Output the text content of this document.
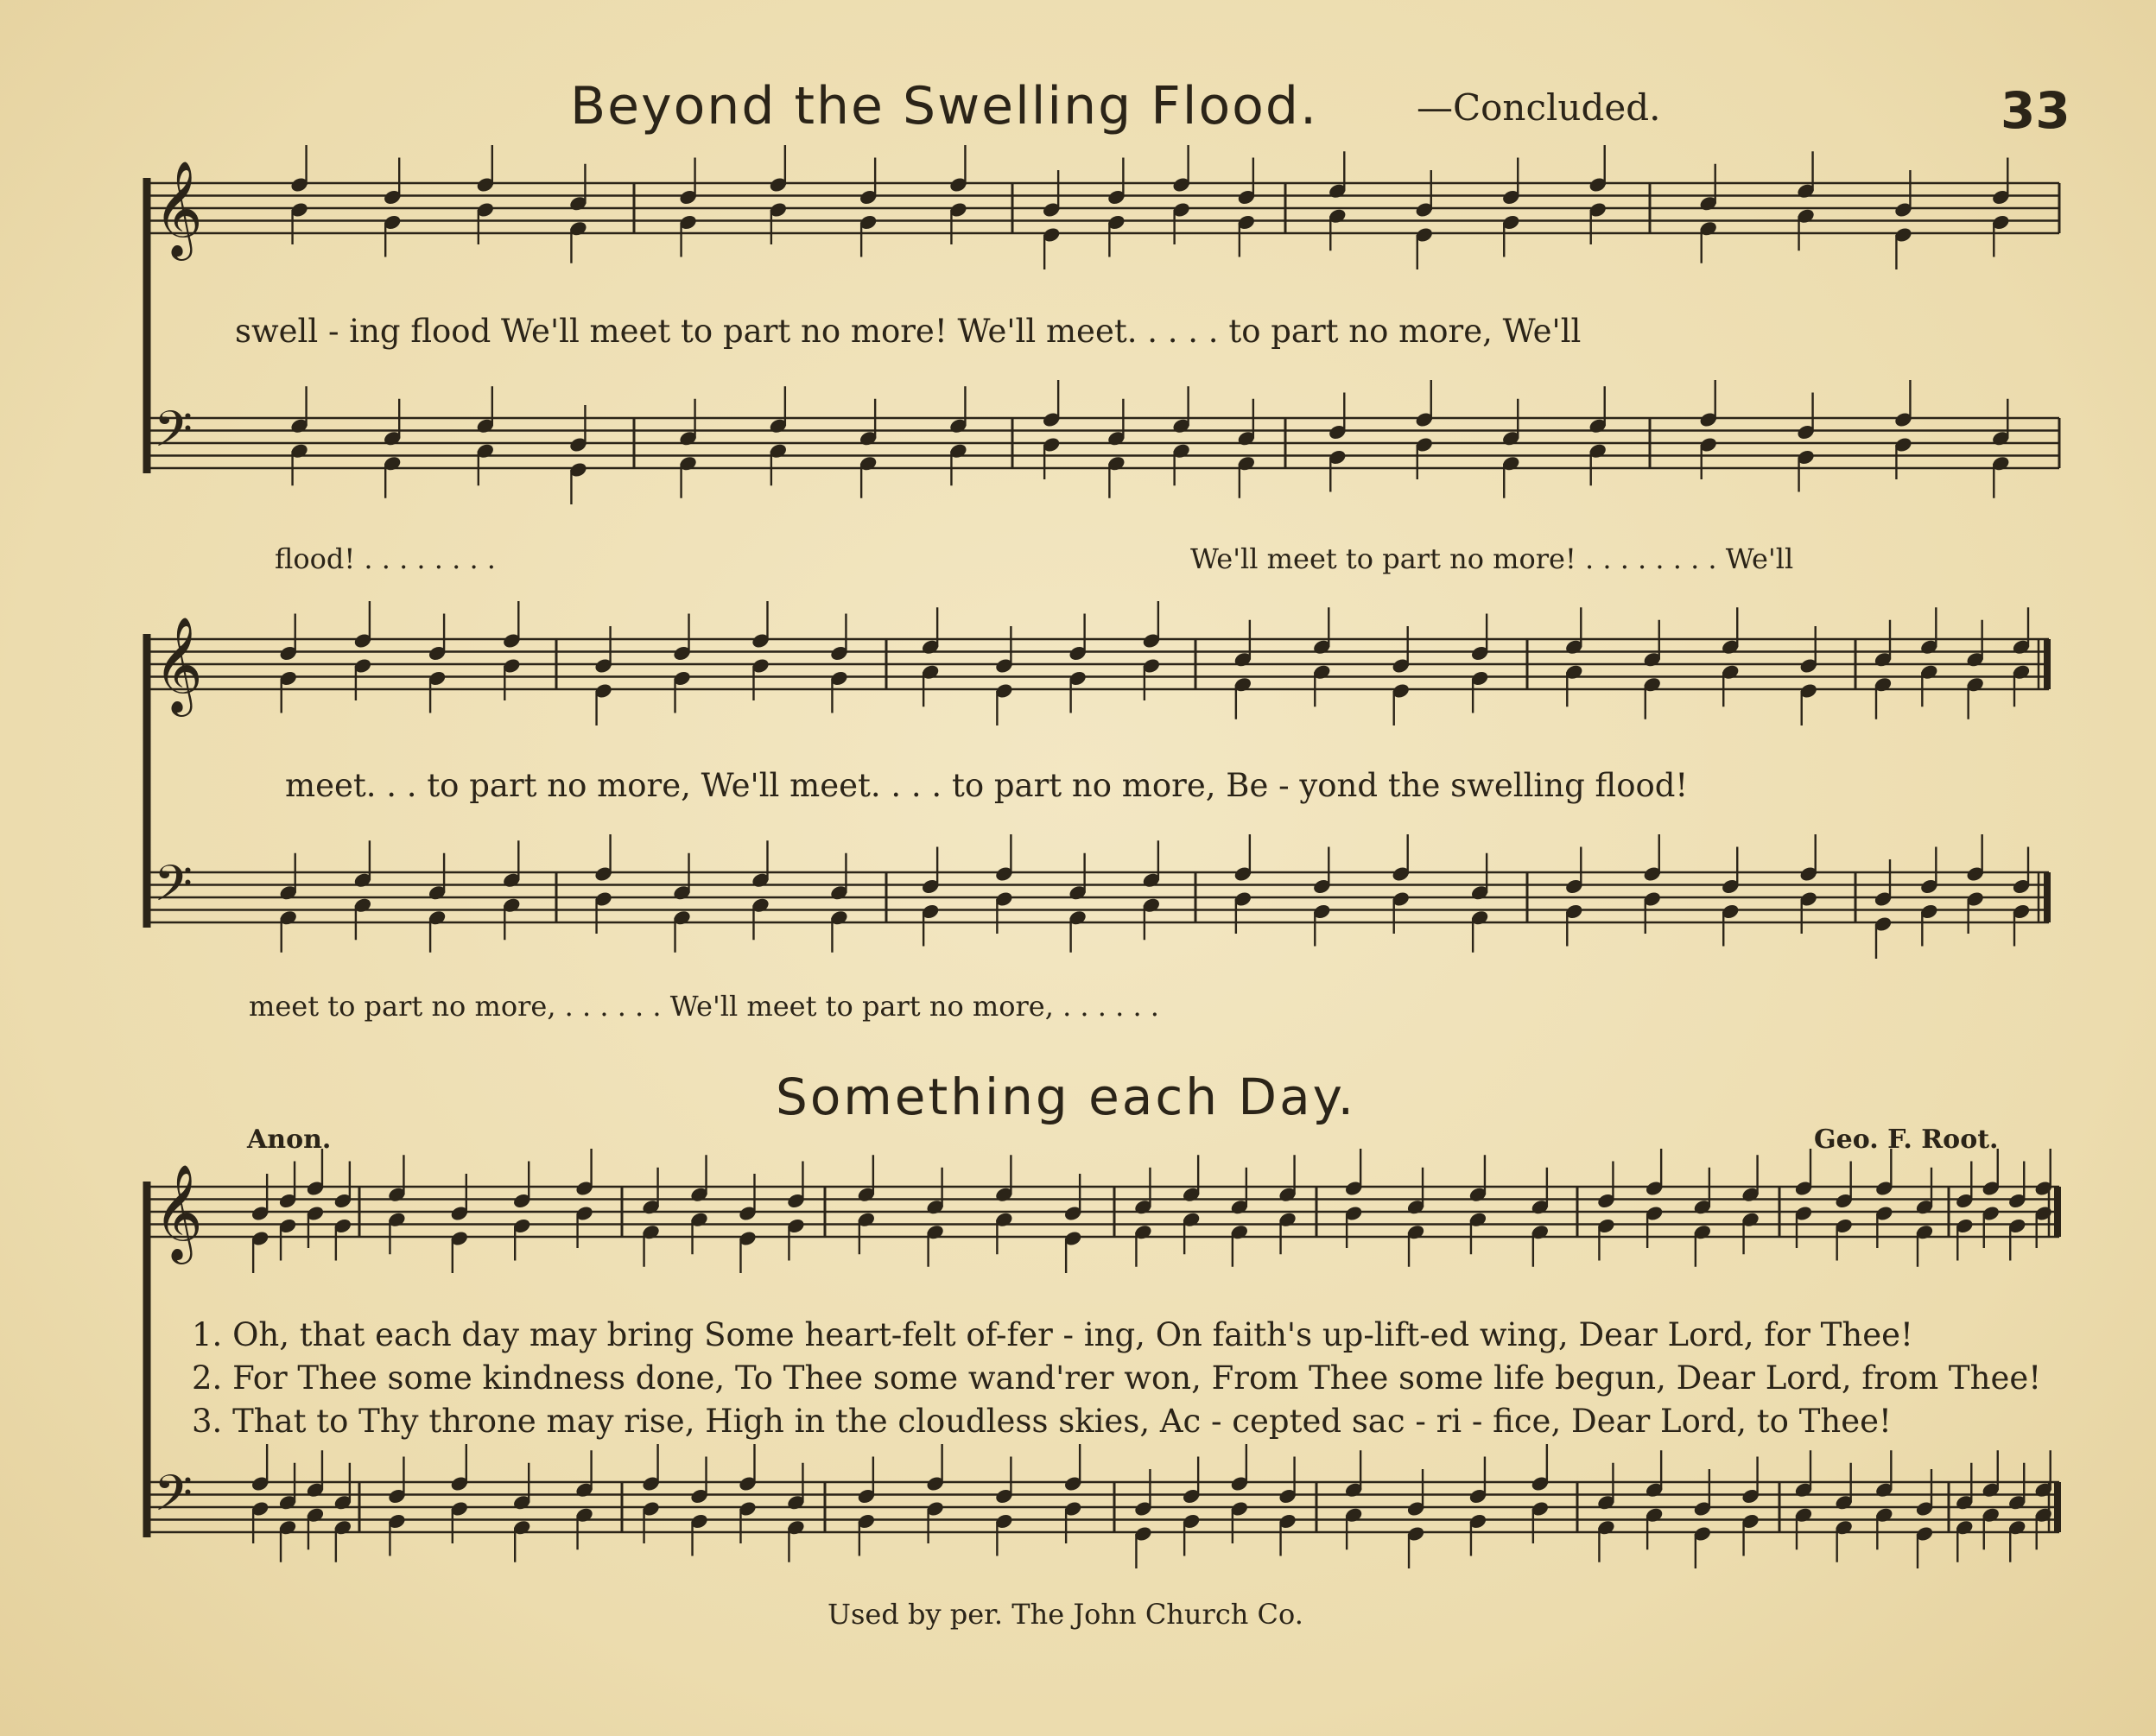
Beyond the Swelling Flood.	—Concluded.	33
𝄞
𝄢
𝄞
𝄢
𝄞
𝄢
swell - ing flood We'll meet to part no more! We'll meet. . . . . to part no more, We'll
flood! . . . . . . . .	We'll meet to part no more! . . . . . . . . We'll
meet. . . to part no more, We'll meet. . . . to part no more, Be - yond the swelling flood!
meet to part no more, . . . . . . We'll meet to part no more, . . . . . .
Something each Day.
Anon.	Geo. F. Root.
1. Oh, that each day may bring Some heart-felt of-fer - ing, On faith's up-lift-ed wing, Dear Lord, for Thee!
2. For Thee some kindness done, To Thee some wand'rer won, From Thee some life begun, Dear Lord, from Thee!
3. That to Thy throne may rise, High in the cloudless skies, Ac - cepted sac - ri - fice, Dear Lord, to Thee!
Used by per. The John Church Co.
